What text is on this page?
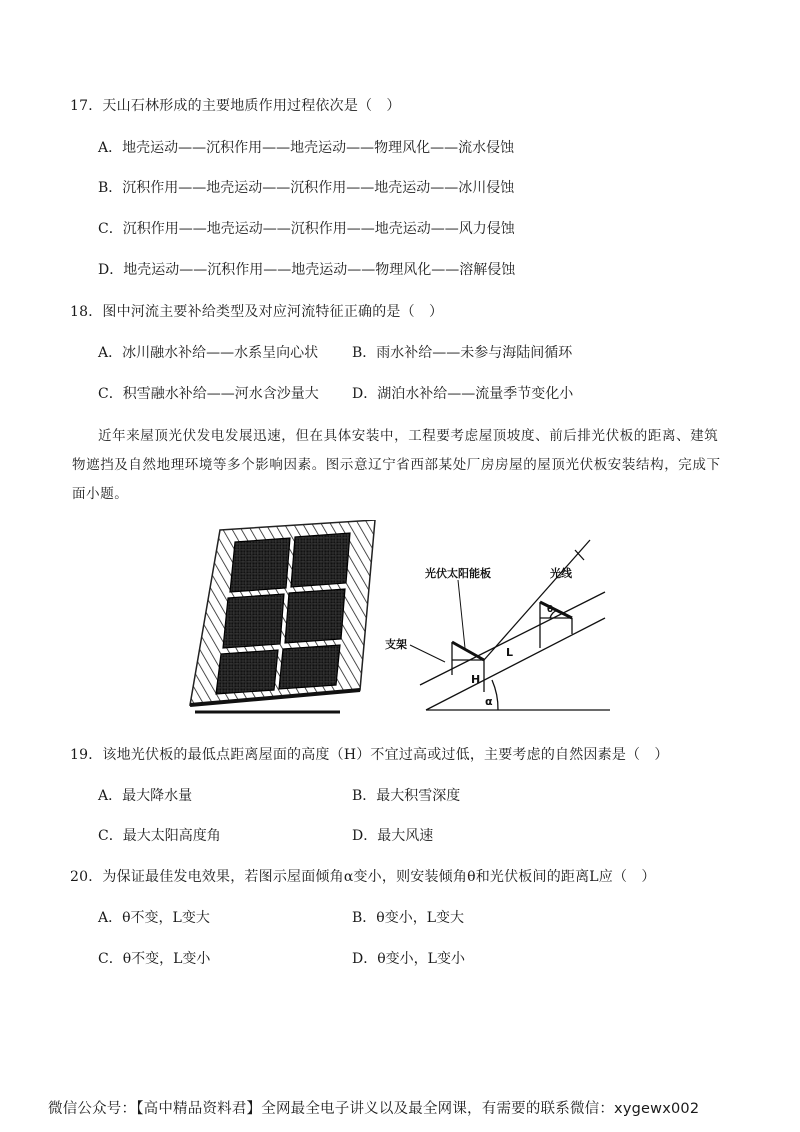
17．天山石林形成的主要地质作用过程依次是（　）
A．地壳运动——沉积作用——地壳运动——物理风化——流水侵蚀
B．沉积作用——地壳运动——沉积作用——地壳运动——冰川侵蚀
C．沉积作用——地壳运动——沉积作用——地壳运动——风力侵蚀
D．地壳运动——沉积作用——地壳运动——物理风化——溶解侵蚀
18．图中河流主要补给类型及对应河流特征正确的是（　）
A．冰川融水补给——水系呈向心状 B．雨水补给——未参与海陆间循环
C．积雪融水补给——河水含沙量大 D．湖泊水补给——流量季节变化小
近年来屋顶光伏发电发展迅速，但在具体安装中，工程要考虑屋顶坡度、前后排光伏板的距离、建筑
物遮挡及自然地理环境等多个影响因素。图示意辽宁省西部某处厂房房屋的屋顶光伏板安装结构，完成下
面小题。
光伏太阳能板	光线
支架
L
H
α
θ
19．该地光伏板的最低点距离屋面的高度（H）不宜过高或过低，主要考虑的自然因素是（　）
A．最大降水量	B．最大积雪深度
C．最大太阳高度角	D．最大风速
20．为保证最佳发电效果，若图示屋面倾角α变小，则安装倾角θ和光伏板间的距离L应（　）
A．θ不变，L变大	B．θ变小，L变大
C．θ不变，L变小	D．θ变小，L变小
微信公众号：【高中精品资料君】全网最全电子讲义以及最全网课，有需要的联系微信：xygewx002
